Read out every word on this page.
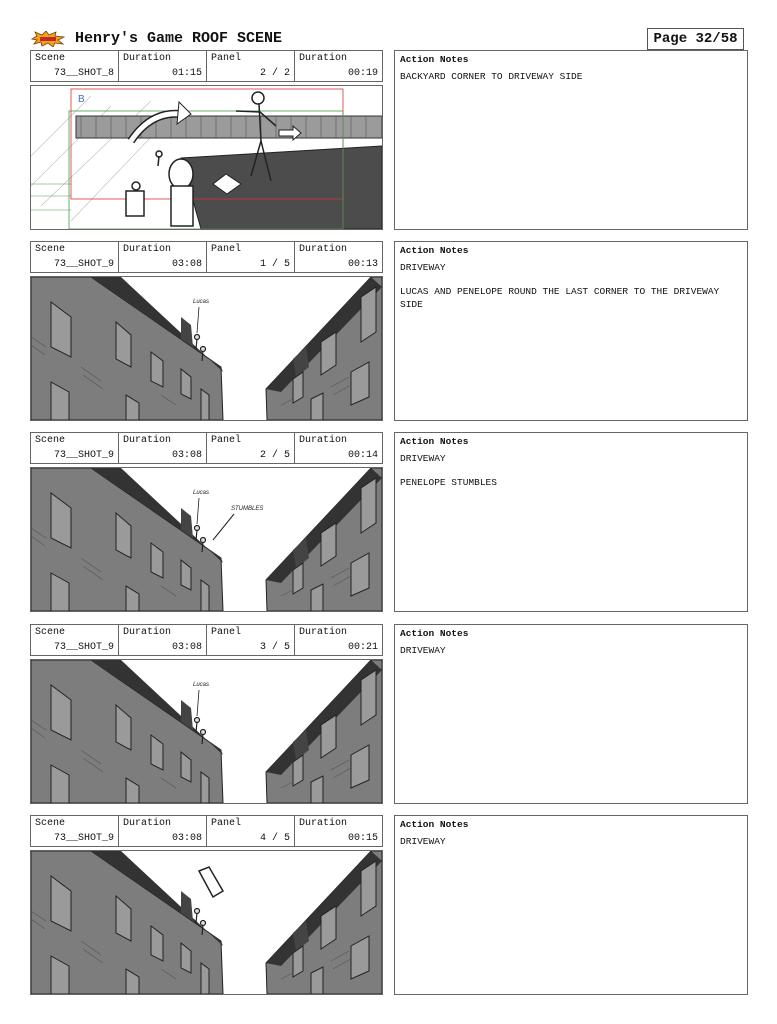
Henry's Game ROOF SCENE	Page 32/58
Scene
73__SHOT_8
Duration
01:15
Panel
2 / 2
Duration
00:19
B
Action Notes
BACKYARD CORNER TO DRIVEWAY SIDE
Scene
73__SHOT_9
Duration
03:08
Panel
1 / 5
Duration
00:13
Lucas
Action Notes
DRIVEWAY
LUCAS AND PENELOPE ROUND THE LAST CORNER TO THE DRIVEWAY SIDE
Scene
73__SHOT_9
Duration
03:08
Panel
2 / 5
Duration
00:14
Lucas
STUMBLES
Action Notes
DRIVEWAY
PENELOPE STUMBLES
Scene
73__SHOT_9
Duration
03:08
Panel
3 / 5
Duration
00:21
Lucas
Action Notes
DRIVEWAY
Scene
73__SHOT_9
Duration
03:08
Panel
4 / 5
Duration
00:15
Action Notes
DRIVEWAY
